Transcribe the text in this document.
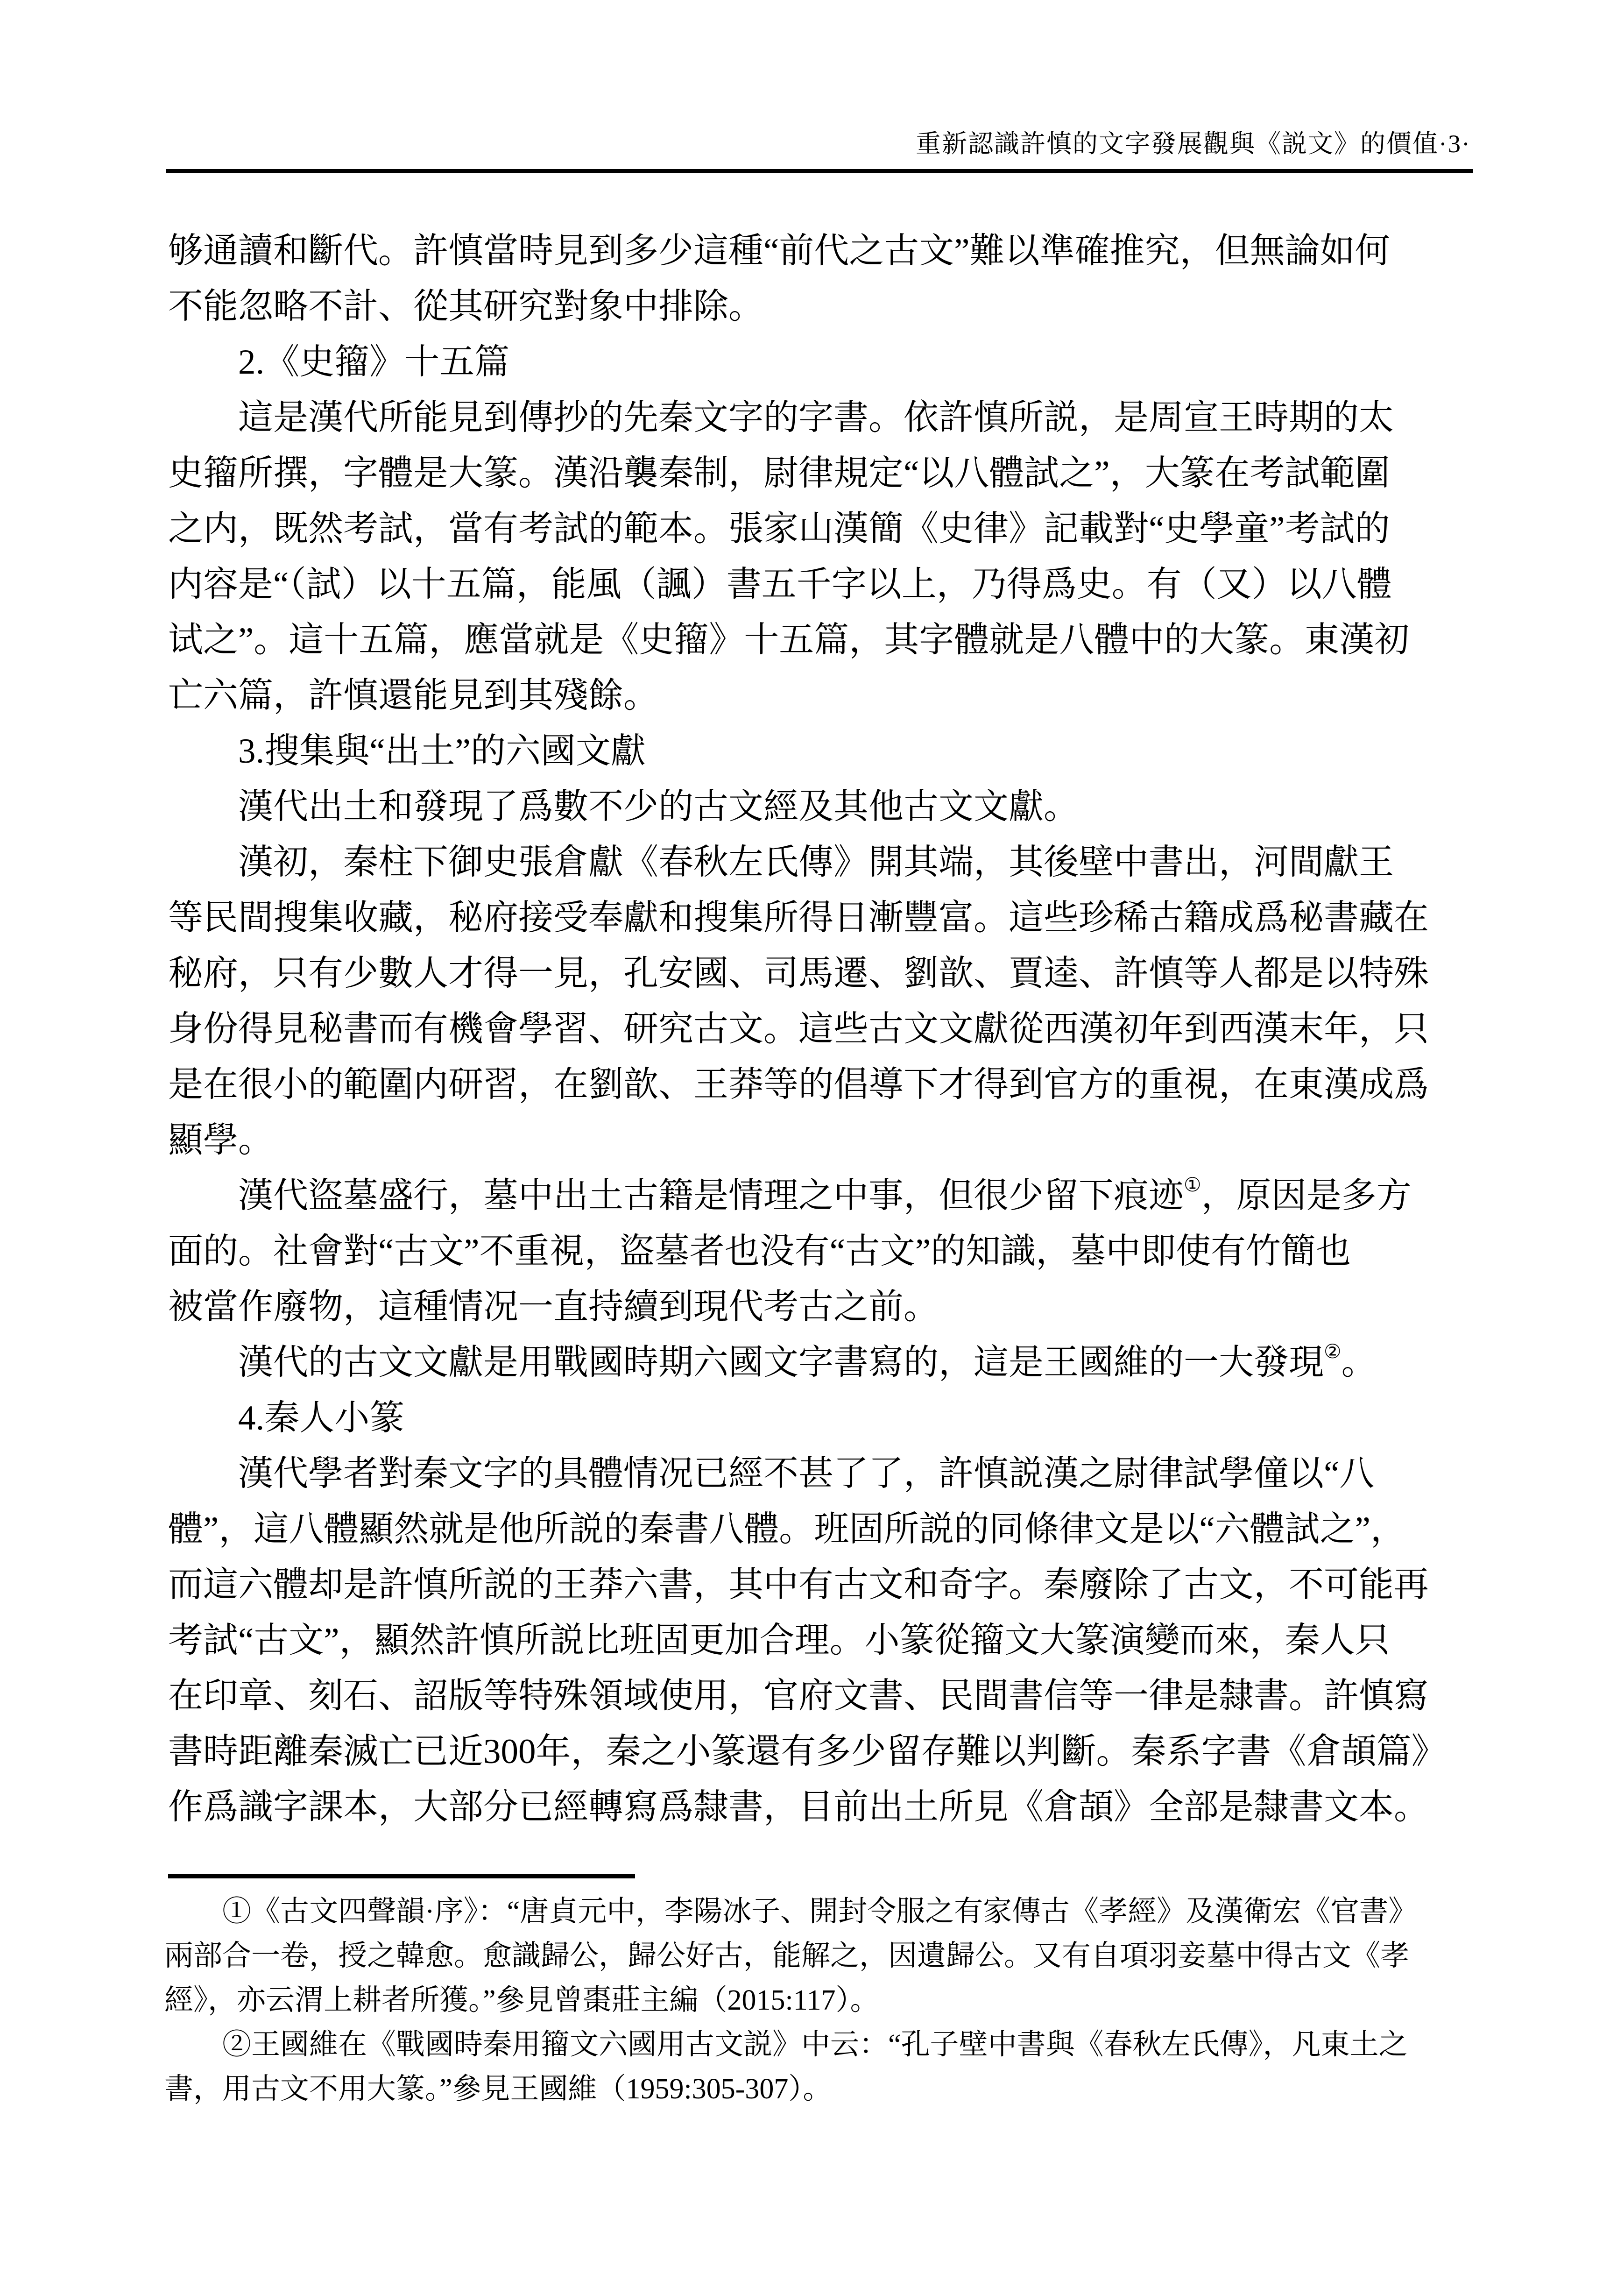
重新認識許慎的文字發展觀與《説文》的價值·3·
够通讀和斷代。許慎當時見到多少這種“前代之古文”難以準確推究，但無論如何
不能忽略不計、從其研究對象中排除。
　　2.《史籀》十五篇
　　這是漢代所能見到傳抄的先秦文字的字書。依許慎所説，是周宣王時期的太
史籀所撰，字體是大篆。漢沿襲秦制，尉律規定“以八體試之”，大篆在考試範圍
之内，既然考試，當有考試的範本。張家山漢簡《史律》記載對“史學童”考試的
内容是“（試）以十五篇，能風（諷）書五千字以上，乃得爲史。有（又）以八體
试之”。這十五篇，應當就是《史籀》十五篇，其字體就是八體中的大篆。東漢初
亡六篇，許慎還能見到其殘餘。
　　3.搜集與“出土”的六國文獻
　　漢代出土和發現了爲數不少的古文經及其他古文文獻。
　　漢初，秦柱下御史張倉獻《春秋左氏傳》開其端，其後壁中書出，河間獻王
等民間搜集收藏，秘府接受奉獻和搜集所得日漸豐富。這些珍稀古籍成爲秘書藏在
秘府，只有少數人才得一見，孔安國、司馬遷、劉歆、賈逵、許慎等人都是以特殊
身份得見秘書而有機會學習、研究古文。這些古文文獻從西漢初年到西漢末年，只
是在很小的範圍内研習，在劉歆、王莽等的倡導下才得到官方的重視，在東漢成爲
顯學。
　　漢代盜墓盛行，墓中出土古籍是情理之中事，但很少留下痕迹①，原因是多方
面的。社會對“古文”不重視，盜墓者也没有“古文”的知識，墓中即使有竹簡也
被當作廢物，這種情况一直持續到現代考古之前。
　　漢代的古文文獻是用戰國時期六國文字書寫的，這是王國維的一大發現②。
　　4.秦人小篆
　　漢代學者對秦文字的具體情况已經不甚了了，許慎説漢之尉律試學僮以“八
體”，這八體顯然就是他所説的秦書八體。班固所説的同條律文是以“六體試之”，
而這六體却是許慎所説的王莽六書，其中有古文和奇字。秦廢除了古文，不可能再
考試“古文”，顯然許慎所説比班固更加合理。小篆從籀文大篆演變而來，秦人只
在印章、刻石、詔版等特殊領域使用，官府文書、民間書信等一律是隸書。許慎寫
書時距離秦滅亡已近300年，秦之小篆還有多少留存難以判斷。秦系字書《倉頡篇》
作爲識字課本，大部分已經轉寫爲隸書，目前出土所見《倉頡》全部是隸書文本。
　　①《古文四聲韻·序》：“唐貞元中，李陽冰子、開封令服之有家傳古《孝經》及漢衛宏《官書》
兩部合一卷，授之韓愈。愈識歸公，歸公好古，能解之，因遺歸公。又有自項羽妾墓中得古文《孝
經》，亦云渭上耕者所獲。”參見曾棗莊主編（2015:117）。
　　②王國維在《戰國時秦用籀文六國用古文説》中云：“孔子壁中書與《春秋左氏傳》，凡東土之
書，用古文不用大篆。”參見王國維（1959:305-307）。
